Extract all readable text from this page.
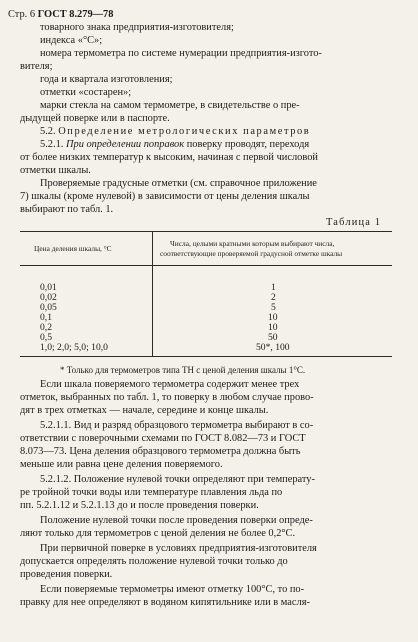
Стр. 6 ГОСТ 8.279—78
товарного знака предприятия-изготовителя;
индекса «°С»;
номера термометра по системе нумерации предприятия-изгото-
вителя;
года и квартала изготовления;
отметки «состарен»;
марки стекла на самом термометре, в свидетельстве о пре-
дыдущей поверке или в паспорте.
5.2. Определение метрологических параметров
5.2.1. При определении поправок поверку проводят, переходя
от более низких температур к высоким, начиная с первой числовой
отметки шкалы.
Проверяемые градусные отметки (см. справочное приложение
7) шкалы (кроме нулевой) в зависимости от цены деления шкалы
выбирают по табл. 1.
Таблица 1
Цена деления шкалы, °С
Числа, целыми кратными которым выбирают числа,
соответствующие проверяемой градусной отметке шкалы
0,01	1
0,02	2
0,05	5
0,1	10
0,2	10
0,5	50
1,0; 2,0; 5,0; 10,0	50*, 100
* Только для термометров типа ТН с ценой деления шкалы 1°С.
Если шкала поверяемого термометра содержит менее трех
отметок, выбранных по табл. 1, то поверку в любом случае прово-
дят в трех отметках — начале, середине и конце шкалы.
5.2.1.1. Вид и разряд образцового термометра выбирают в со-
ответствии с поверочными схемами по ГОСТ 8.082—73 и ГОСТ
8.073—73. Цена деления образцового термометра должна быть
меньше или равна цене деления поверяемого.
5.2.1.2. Положение нулевой точки определяют при температу-
ре тройной точки воды или температуре плавления льда по
пп. 5.2.1.12 и 5.2.1.13 до и после проведения поверки.
Положение нулевой точки после проведения поверки опреде-
ляют только для термометров с ценой деления не более 0,2°С.
При первичной поверке в условиях предприятия-изготовителя
допускается определять положение нулевой точки только до
проведения поверки.
Если поверяемые термометры имеют отметку 100°С, то по-
правку для нее определяют в водяном кипятильнике или в масля-
